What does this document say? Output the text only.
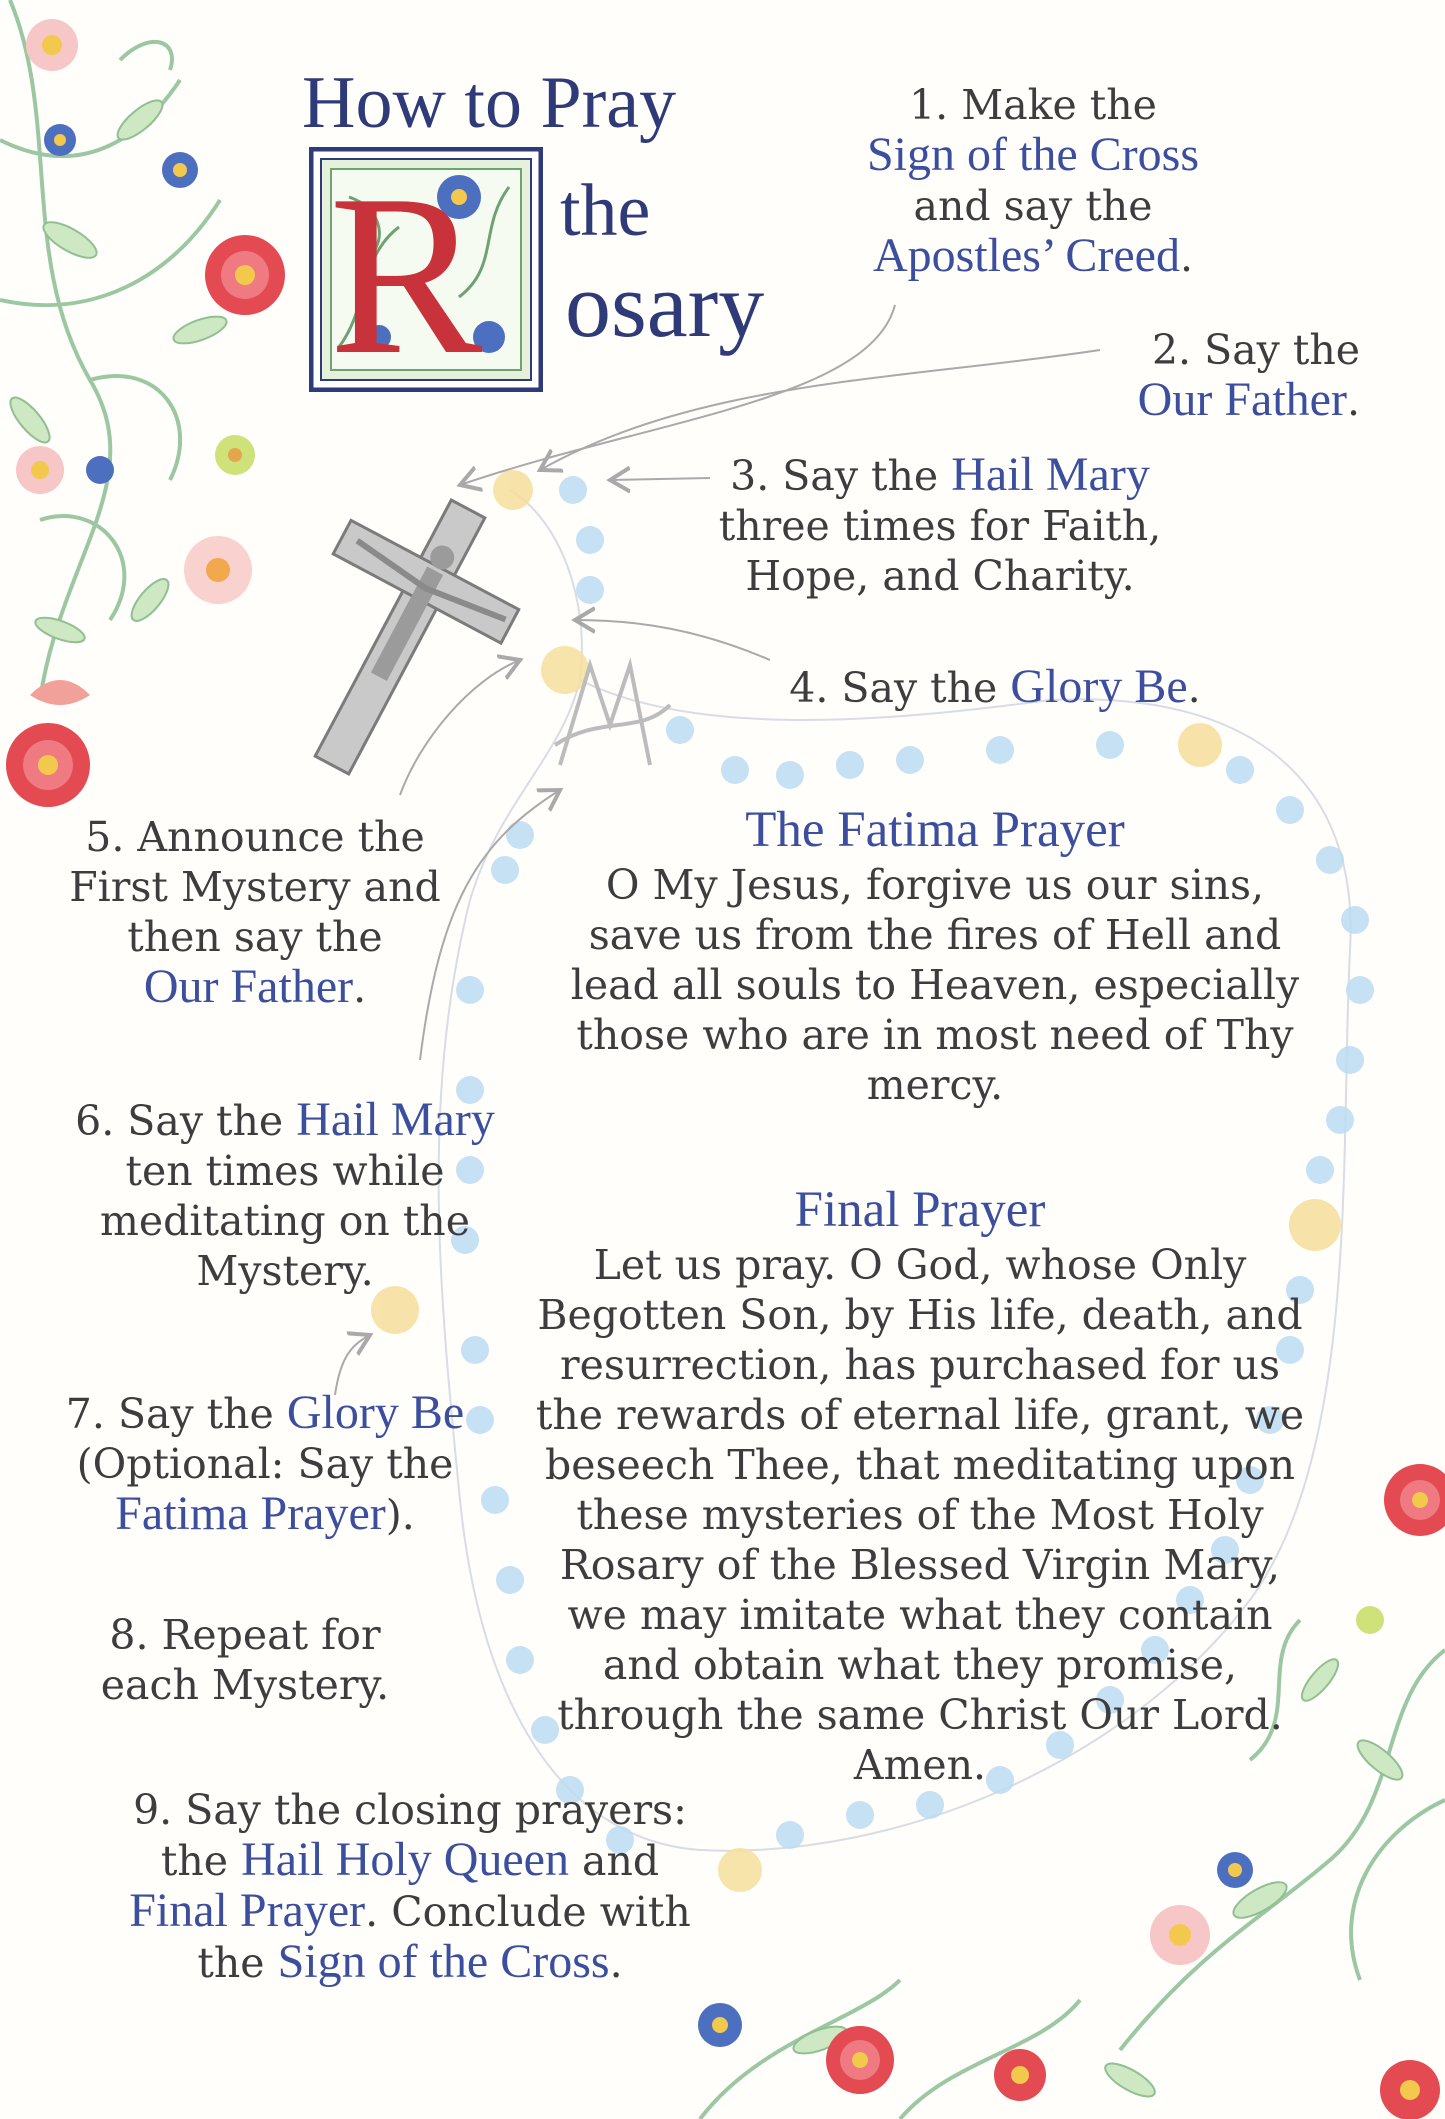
How to Pray
the
osary
R
1. Make the
Sign of the Cross
and say the
Apostles’ Creed.
2. Say the
Our Father.
3. Say the Hail Mary
three times for Faith,
Hope, and Charity.
4. Say the Glory Be.
5. Announce the
First Mystery and
then say the
Our Father.
6. Say the Hail Mary
ten times while
meditating on the
Mystery.
7. Say the Glory Be
(Optional: Say the
Fatima Prayer).
8. Repeat for
each Mystery.
9. Say the closing prayers:
the Hail Holy Queen and
Final Prayer. Conclude with
the Sign of the Cross.
The Fatima Prayer
O My Jesus, forgive us our sins,
save us from the fires of Hell and
lead all souls to Heaven, especially
those who are in most need of Thy
mercy.
Final Prayer
Let us pray. O God, whose Only
Begotten Son, by His life, death, and
resurrection, has purchased for us
the rewards of eternal life, grant, we
beseech Thee, that meditating upon
these mysteries of the Most Holy
Rosary of the Blessed Virgin Mary,
we may imitate what they contain
and obtain what they promise,
through the same Christ Our Lord.
Amen.
